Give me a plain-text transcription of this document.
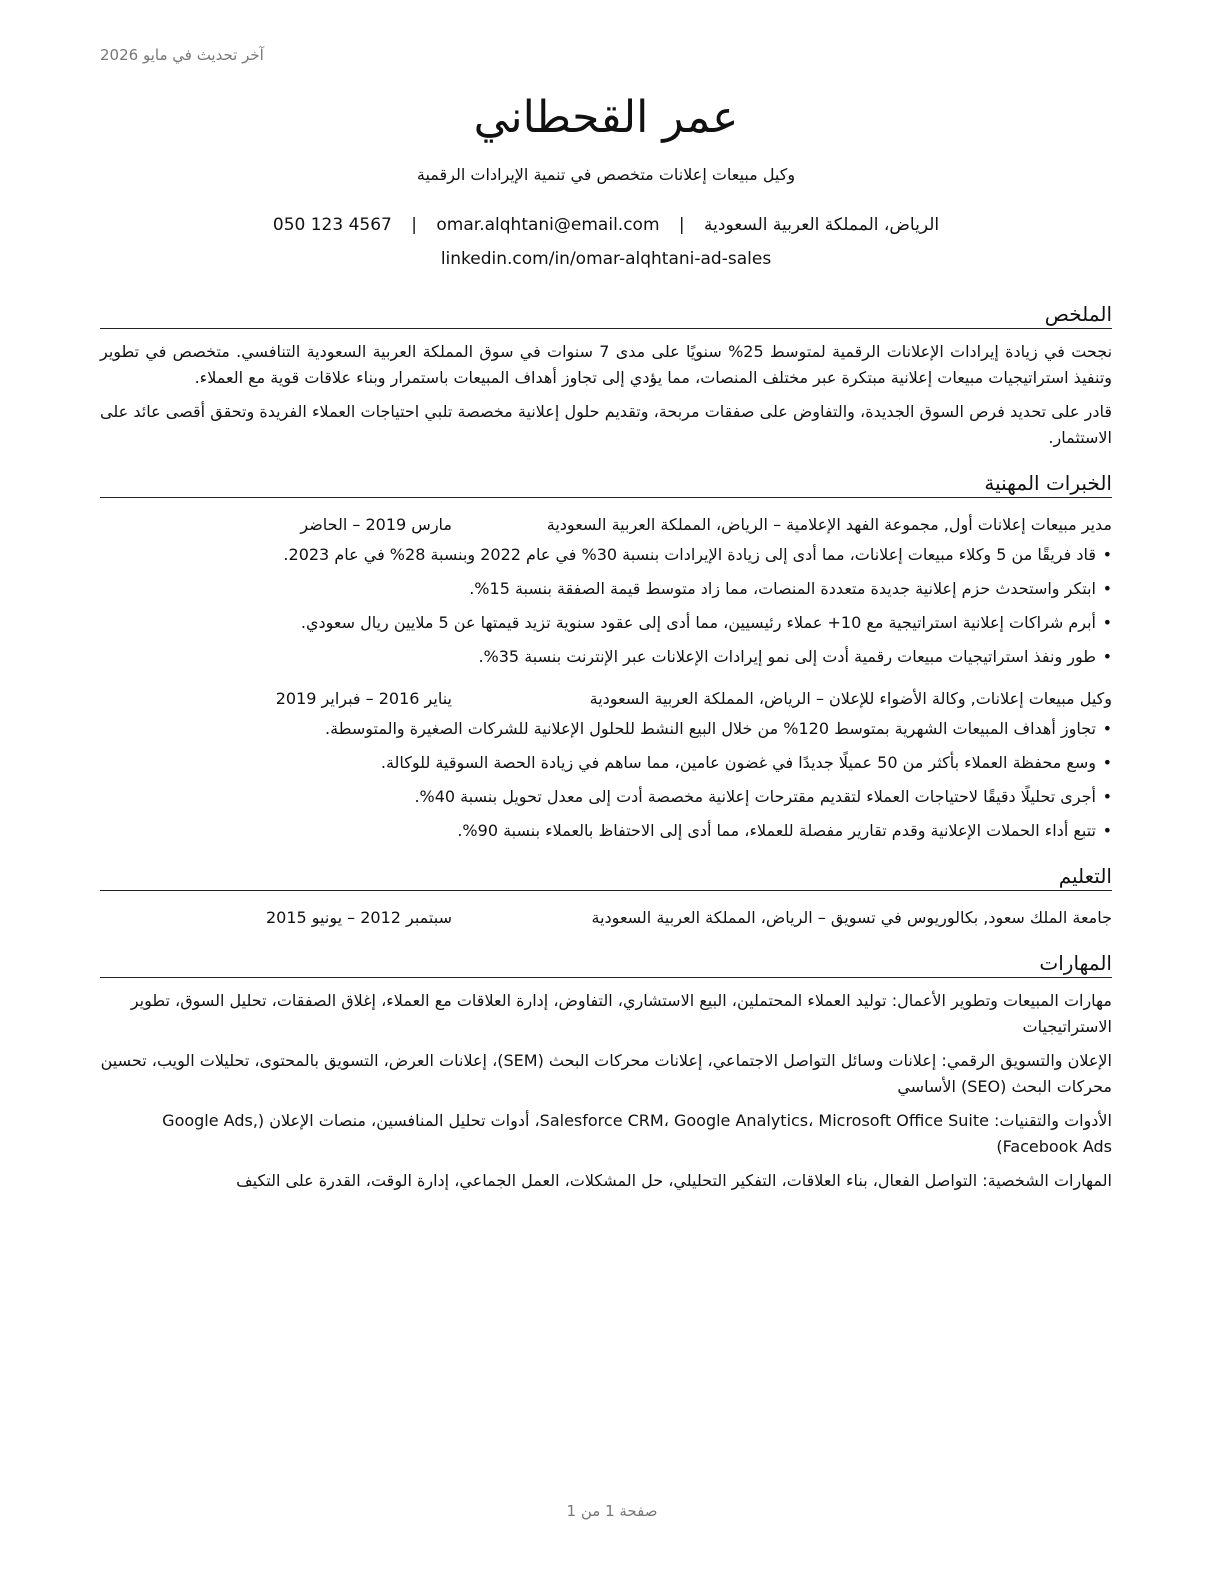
آخر تحديث في مايو 2026
عمر القحطاني
وكيل مبيعات إعلانات متخصص في تنمية الإيرادات الرقمية
الرياض، المملكة العربية السعودية | omar.alqhtani@email.com | 050 123 4567
linkedin.com/in/omar-alqhtani-ad-sales
الملخص

نجحت في زيادة إيرادات الإعلانات الرقمية لمتوسط 25% سنويًا على مدى 7 سنوات في سوق المملكة العربية السعودية التنافسي. متخصص في تطوير وتنفيذ استراتيجيات مبيعات إعلانية مبتكرة عبر مختلف المنصات، مما يؤدي إلى تجاوز أهداف المبيعات باستمرار وبناء علاقات قوية مع العملاء.

قادر على تحديد فرص السوق الجديدة، والتفاوض على صفقات مربحة، وتقديم حلول إعلانية مخصصة تلبي احتياجات العملاء الفريدة وتحقق أقصى عائد على الاستثمار.

الخبرات المهنية
مدير مبيعات إعلانات أول, مجموعة الفهد الإعلامية – الرياض، المملكة العربية السعودية
مارس 2019 – الحاضر
•قاد فريقًا من 5 وكلاء مبيعات إعلانات، مما أدى إلى زيادة الإيرادات بنسبة 30% في عام 2022 وبنسبة 28% في عام 2023.
•ابتكر واستحدث حزم إعلانية جديدة متعددة المنصات، مما زاد متوسط قيمة الصفقة بنسبة 15%.
•أبرم شراكات إعلانية استراتيجية مع 10+ عملاء رئيسيين، مما أدى إلى عقود سنوية تزيد قيمتها عن 5 ملايين ريال سعودي.
•طور ونفذ استراتيجيات مبيعات رقمية أدت إلى نمو إيرادات الإعلانات عبر الإنترنت بنسبة 35%.
وكيل مبيعات إعلانات, وكالة الأضواء للإعلان – الرياض، المملكة العربية السعودية
يناير 2016 – فبراير 2019
•تجاوز أهداف المبيعات الشهرية بمتوسط 120% من خلال البيع النشط للحلول الإعلانية للشركات الصغيرة والمتوسطة.
•وسع محفظة العملاء بأكثر من 50 عميلًا جديدًا في غضون عامين، مما ساهم في زيادة الحصة السوقية للوكالة.
•أجرى تحليلًا دقيقًا لاحتياجات العملاء لتقديم مقترحات إعلانية مخصصة أدت إلى معدل تحويل بنسبة 40%.
•تتبع أداء الحملات الإعلانية وقدم تقارير مفصلة للعملاء، مما أدى إلى الاحتفاظ بالعملاء بنسبة 90%.
التعليم
جامعة الملك سعود, بكالوريوس في تسويق – الرياض، المملكة العربية السعودية
سبتمبر 2012 – يونيو 2015
المهارات
مهارات المبيعات وتطوير الأعمال: توليد العملاء المحتملين، البيع الاستشاري، التفاوض، إدارة العلاقات مع العملاء، إغلاق الصفقات، تحليل السوق، تطوير الاستراتيجيات
الإعلان والتسويق الرقمي: إعلانات وسائل التواصل الاجتماعي، إعلانات محركات البحث (SEM)، إعلانات العرض، التسويق بالمحتوى، تحليلات الويب، تحسين محركات البحث (SEO) الأساسي
الأدوات والتقنيات: Salesforce CRM، Google Analytics، Microsoft Office Suite، أدوات تحليل المنافسين، منصات الإعلان (Google Ads, Facebook Ads)
المهارات الشخصية: التواصل الفعال، بناء العلاقات، التفكير التحليلي، حل المشكلات، العمل الجماعي، إدارة الوقت، القدرة على التكيف
صفحة 1 من 1
